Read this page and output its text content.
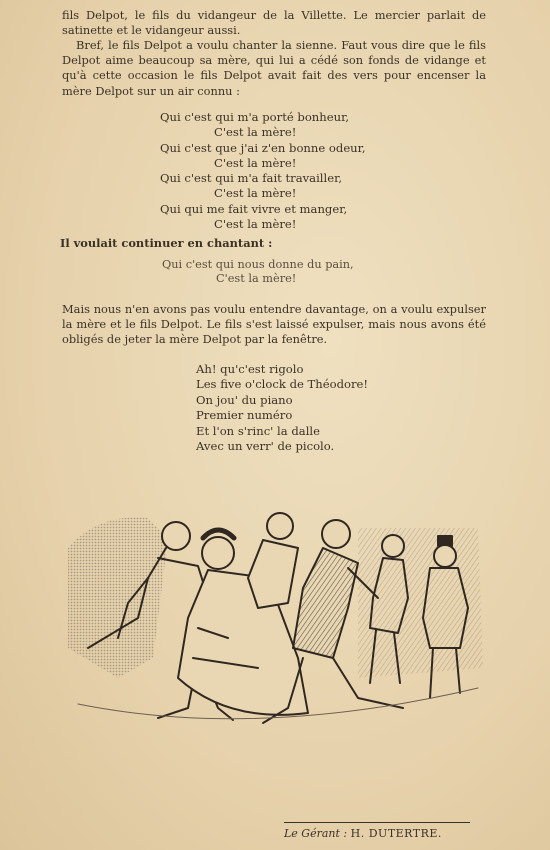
fils Delpot, le fils du vidangeur de la Villette. Le mercier parlait de satinette et le vidangeur aussi.

Bref, le fils Delpot a voulu chanter la sienne. Faut vous dire que le fils Delpot aime beaucoup sa mère, qui lui a cédé son fonds de vidange et qu'à cette occasion le fils Delpot avait fait des vers pour encenser la mère Delpot sur un air connu :

Qui c'est qui m'a porté bonheur,
C'est la mère!
Qui c'est que j'ai z'en bonne odeur,
C'est la mère!
Qui c'est qui m'a fait travailler,
C'est la mère!
Qui qui me fait vivre et manger,
C'est la mère!
Il voulait continuer en chantant :
Qui c'est qui nous donne du pain,
C'est la mère!

Mais nous n'en avons pas voulu entendre davantage, on a voulu expulser la mère et le fils Delpot. Le fils s'est laissé expulser, mais nous avons été obligés de jeter la mère Delpot par la fenêtre.

Ah! qu'c'est rigolo
Les five o'clock de Théodore!
On jou' du piano
Premier numéro
Et l'on s'rinc' la dalle
Avec un verr' de picolo.
Le Gérant : H. DUTERTRE.
